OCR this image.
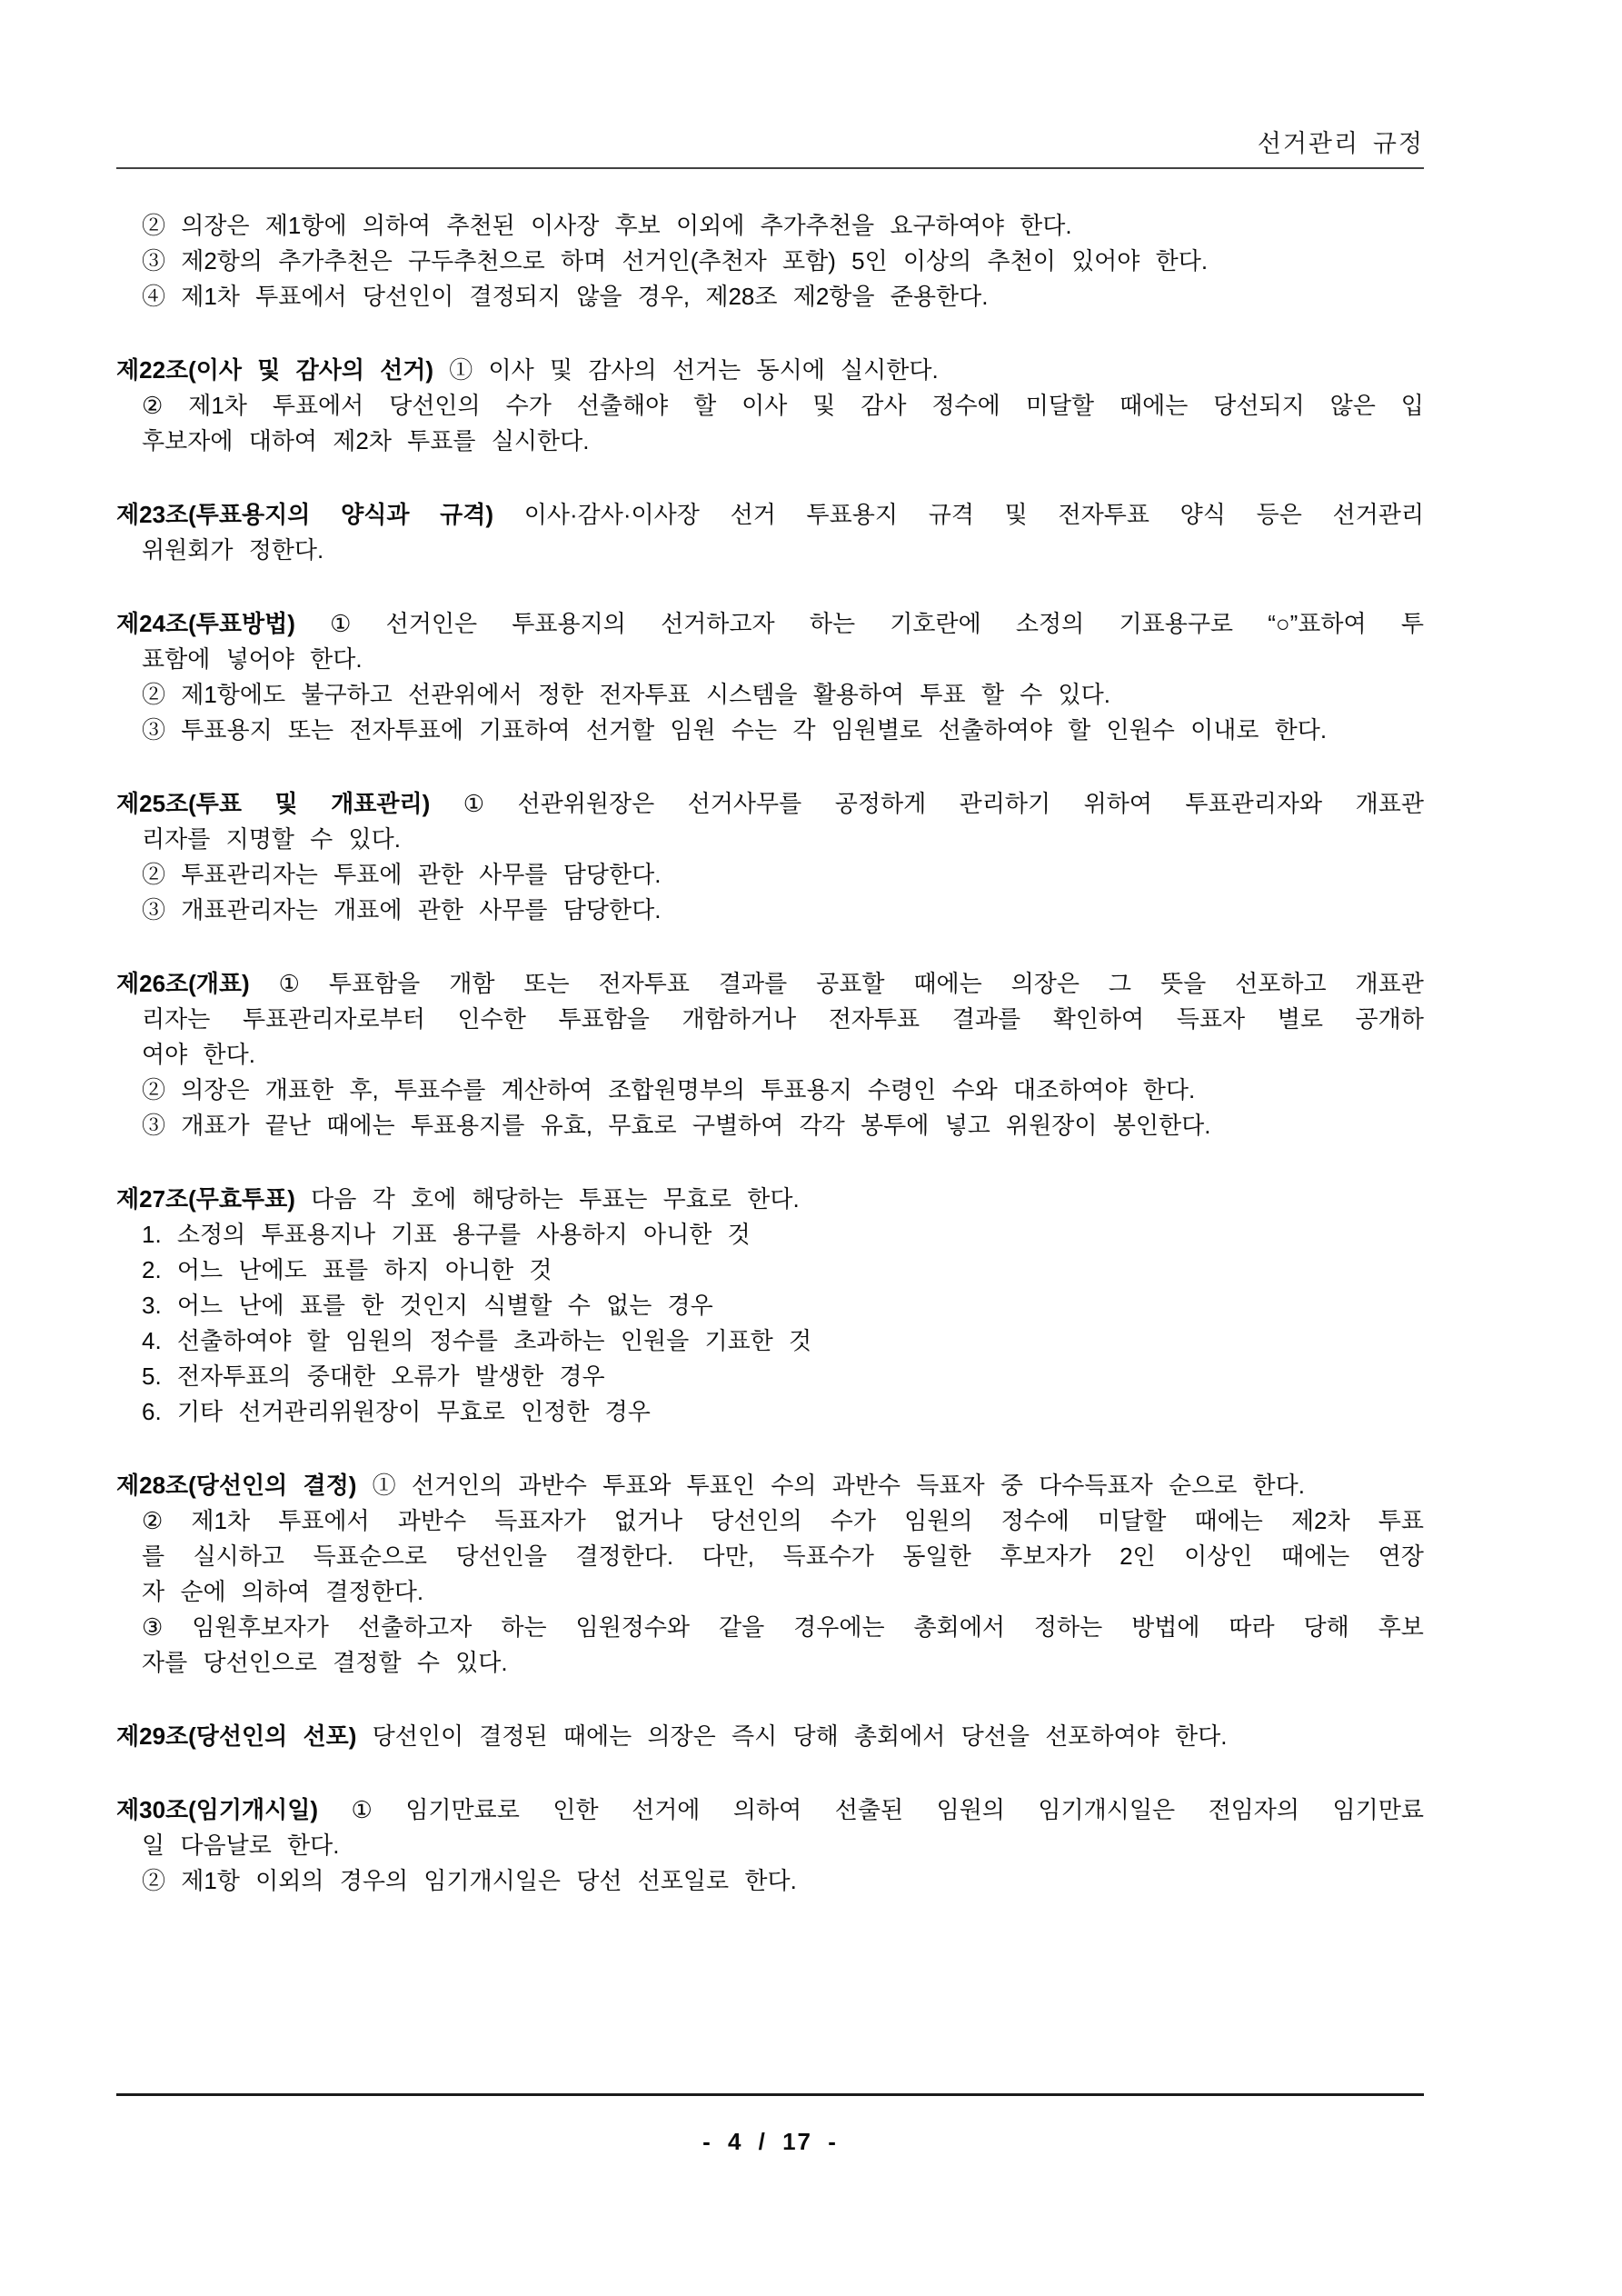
선거관리 규정
② 의장은 제1항에 의하여 추천된 이사장 후보 이외에 추가추천을 요구하여야 한다.
③ 제2항의 추가추천은 구두추천으로 하며 선거인(추천자 포함) 5인 이상의 추천이 있어야 한다.
④ 제1차 투표에서 당선인이 결정되지 않을 경우, 제28조 제2항을 준용한다.
제22조(이사 및 감사의 선거) ① 이사 및 감사의 선거는 동시에 실시한다.
② 제1차 투표에서 당선인의 수가 선출해야 할 이사 및 감사 정수에 미달할 때에는 당선되지 않은 입
후보자에 대하여 제2차 투표를 실시한다.
제23조(투표용지의 양식과 규격) 이사·감사·이사장 선거 투표용지 규격 및 전자투표 양식 등은 선거관리
위원회가 정한다.
제24조(투표방법) ① 선거인은 투표용지의 선거하고자 하는 기호란에 소정의 기표용구로 “○”표하여 투
표함에 넣어야 한다.
② 제1항에도 불구하고 선관위에서 정한 전자투표 시스템을 활용하여 투표 할 수 있다.
③ 투표용지 또는 전자투표에 기표하여 선거할 임원 수는 각 임원별로 선출하여야 할 인원수 이내로 한다.
제25조(투표 및 개표관리) ① 선관위원장은 선거사무를 공정하게 관리하기 위하여 투표관리자와 개표관
리자를 지명할 수 있다.
② 투표관리자는 투표에 관한 사무를 담당한다.
③ 개표관리자는 개표에 관한 사무를 담당한다.
제26조(개표) ① 투표함을 개함 또는 전자투표 결과를 공표할 때에는 의장은 그 뜻을 선포하고 개표관
리자는 투표관리자로부터 인수한 투표함을 개함하거나 전자투표 결과를 확인하여 득표자 별로 공개하
여야 한다.
② 의장은 개표한 후, 투표수를 계산하여 조합원명부의 투표용지 수령인 수와 대조하여야 한다.
③ 개표가 끝난 때에는 투표용지를 유효, 무효로 구별하여 각각 봉투에 넣고 위원장이 봉인한다.
제27조(무효투표) 다음 각 호에 해당하는 투표는 무효로 한다.
1. 소정의 투표용지나 기표 용구를 사용하지 아니한 것
2. 어느 난에도 표를 하지 아니한 것
3. 어느 난에 표를 한 것인지 식별할 수 없는 경우
4. 선출하여야 할 임원의 정수를 초과하는 인원을 기표한 것
5. 전자투표의 중대한 오류가 발생한 경우
6. 기타 선거관리위원장이 무효로 인정한 경우
제28조(당선인의 결정) ① 선거인의 과반수 투표와 투표인 수의 과반수 득표자 중 다수득표자 순으로 한다.
② 제1차 투표에서 과반수 득표자가 없거나 당선인의 수가 임원의 정수에 미달할 때에는 제2차 투표
를 실시하고 득표순으로 당선인을 결정한다. 다만, 득표수가 동일한 후보자가 2인 이상인 때에는 연장
자 순에 의하여 결정한다.
③ 임원후보자가 선출하고자 하는 임원정수와 같을 경우에는 총회에서 정하는 방법에 따라 당해 후보
자를 당선인으로 결정할 수 있다.
제29조(당선인의 선포) 당선인이 결정된 때에는 의장은 즉시 당해 총회에서 당선을 선포하여야 한다.
제30조(임기개시일) ① 임기만료로 인한 선거에 의하여 선출된 임원의 임기개시일은 전임자의 임기만료
일 다음날로 한다.
② 제1항 이외의 경우의 임기개시일은 당선 선포일로 한다.
- 4 / 17 -
